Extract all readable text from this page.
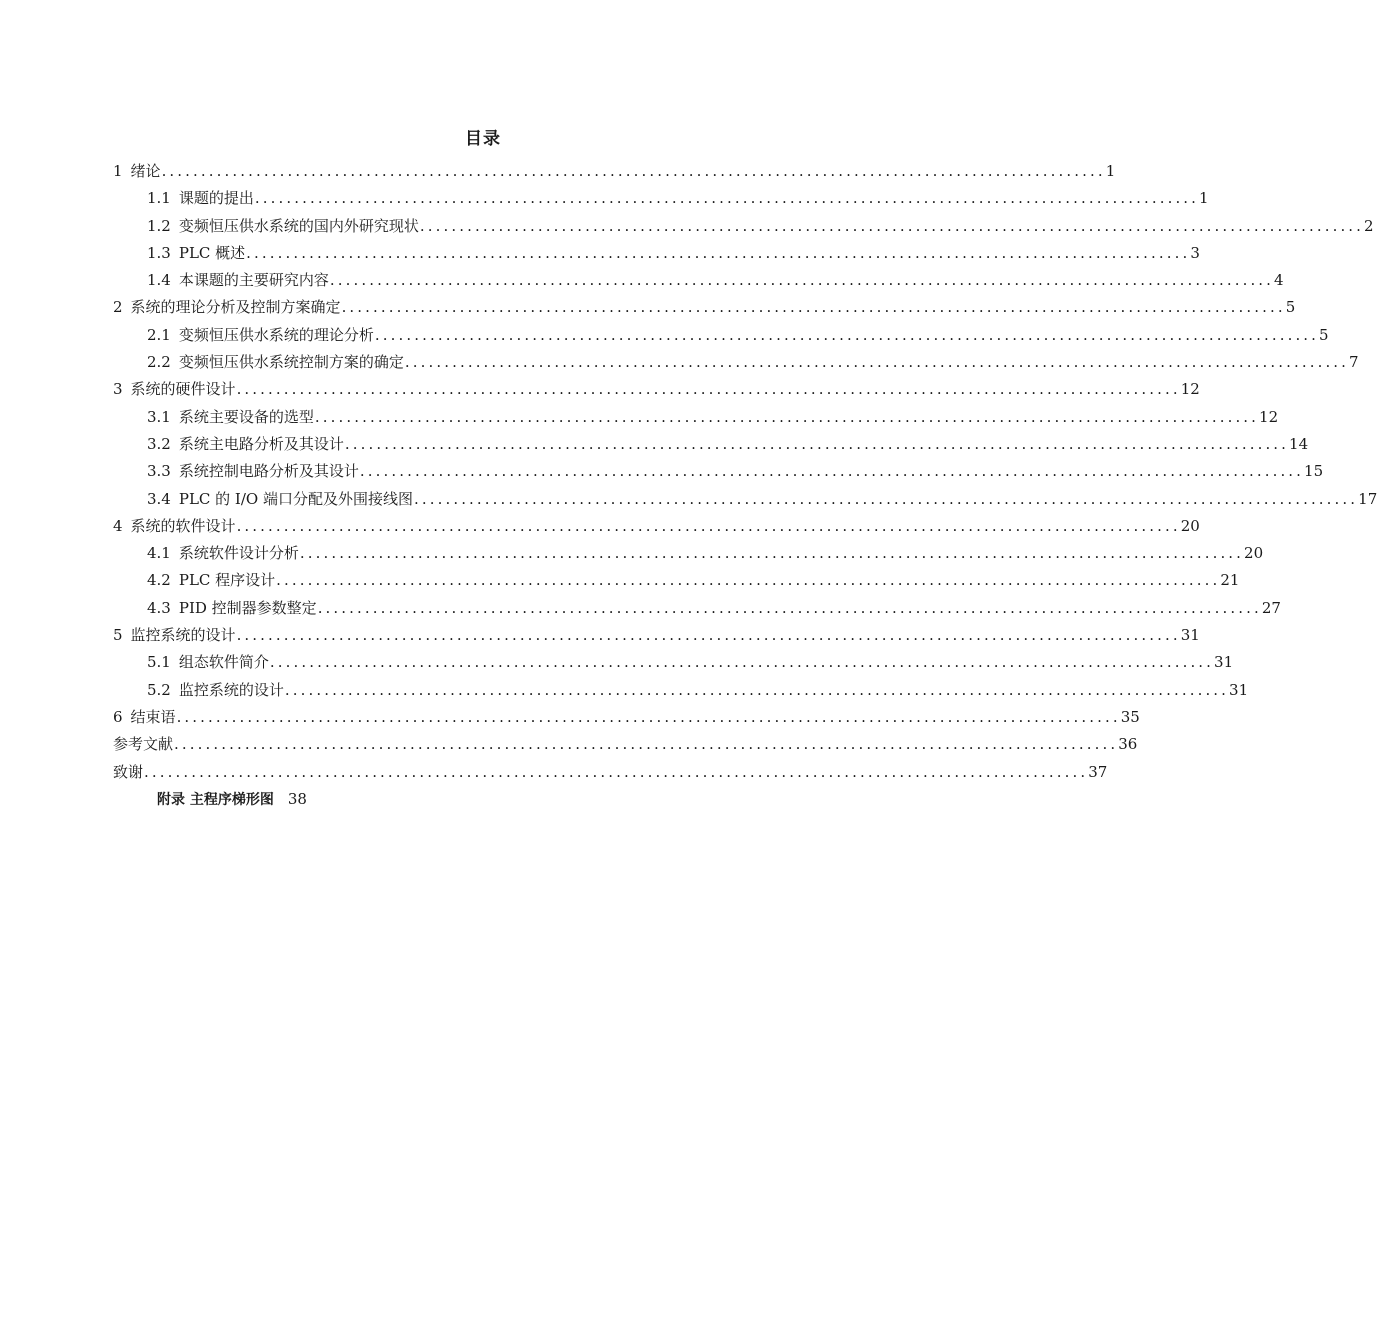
目录
1 绪论 ........................................................................................................................ 1
1.1 课题的提出 ........................................................................................................................ 1
1.2 变频恒压供水系统的国内外研究现状 ........................................................................................................................ 2
1.3 PLC 概述 ........................................................................................................................ 3
1.4 本课题的主要研究内容 ........................................................................................................................ 4
2 系统的理论分析及控制方案确定 ........................................................................................................................ 5
2.1 变频恒压供水系统的理论分析 ........................................................................................................................ 5
2.2 变频恒压供水系统控制方案的确定 ........................................................................................................................ 7
3 系统的硬件设计 ........................................................................................................................ 12
3.1 系统主要设备的选型 ........................................................................................................................ 12
3.2 系统主电路分析及其设计 ........................................................................................................................ 14
3.3 系统控制电路分析及其设计 ........................................................................................................................ 15
3.4 PLC 的 I/O 端口分配及外围接线图 ........................................................................................................................ 17
4 系统的软件设计 ........................................................................................................................ 20
4.1 系统软件设计分析 ........................................................................................................................ 20
4.2 PLC 程序设计 ........................................................................................................................ 21
4.3 PID 控制器参数整定 ........................................................................................................................ 27
5 监控系统的设计 ........................................................................................................................ 31
5.1 组态软件简介 ........................................................................................................................ 31
5.2 监控系统的设计 ........................................................................................................................ 31
6 结束语 ........................................................................................................................ 35
参考文献 ........................................................................................................................ 36
致谢 ........................................................................................................................ 37
附录 主程序梯形图 38
